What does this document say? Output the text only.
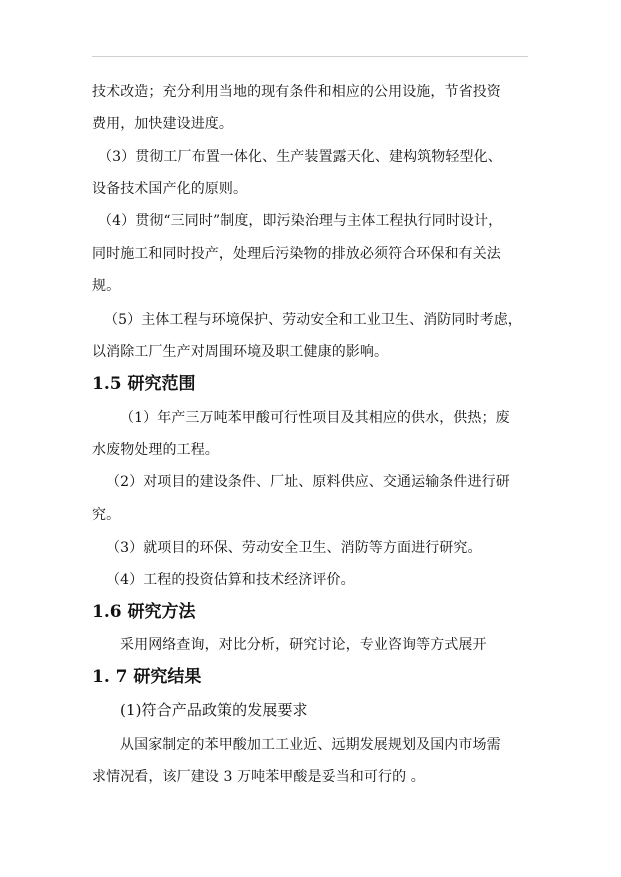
技术改造；充分利用当地的现有条件和相应的公用设施，节省投资
费用，加快建设进度。
（3）贯彻工厂布置一体化、生产装置露天化、建构筑物轻型化、
设备技术国产化的原则。
（4）贯彻“三同时”制度，即污染治理与主体工程执行同时设计，
同时施工和同时投产，处理后污染物的排放必须符合环保和有关法
规。
（5）主体工程与环境保护、劳动安全和工业卫生、消防同时考虑，
以消除工厂生产对周围环境及职工健康的影响。
1.5 研究范围
（1）年产三万吨苯甲酸可行性项目及其相应的供水，供热；废
水废物处理的工程。
（2）对项目的建设条件、厂址、原料供应、交通运输条件进行研
究。
（3）就项目的环保、劳动安全卫生、消防等方面进行研究。
（4）工程的投资估算和技术经济评价。
1.6 研究方法
采用网络查询，对比分析，研究讨论，专业咨询等方式展开
1. 7 研究结果
(1)符合产品政策的发展要求
从国家制定的苯甲酸加工工业近、远期发展规划及国内市场需
求情况看，该厂建设 3 万吨苯甲酸是妥当和可行的 。
